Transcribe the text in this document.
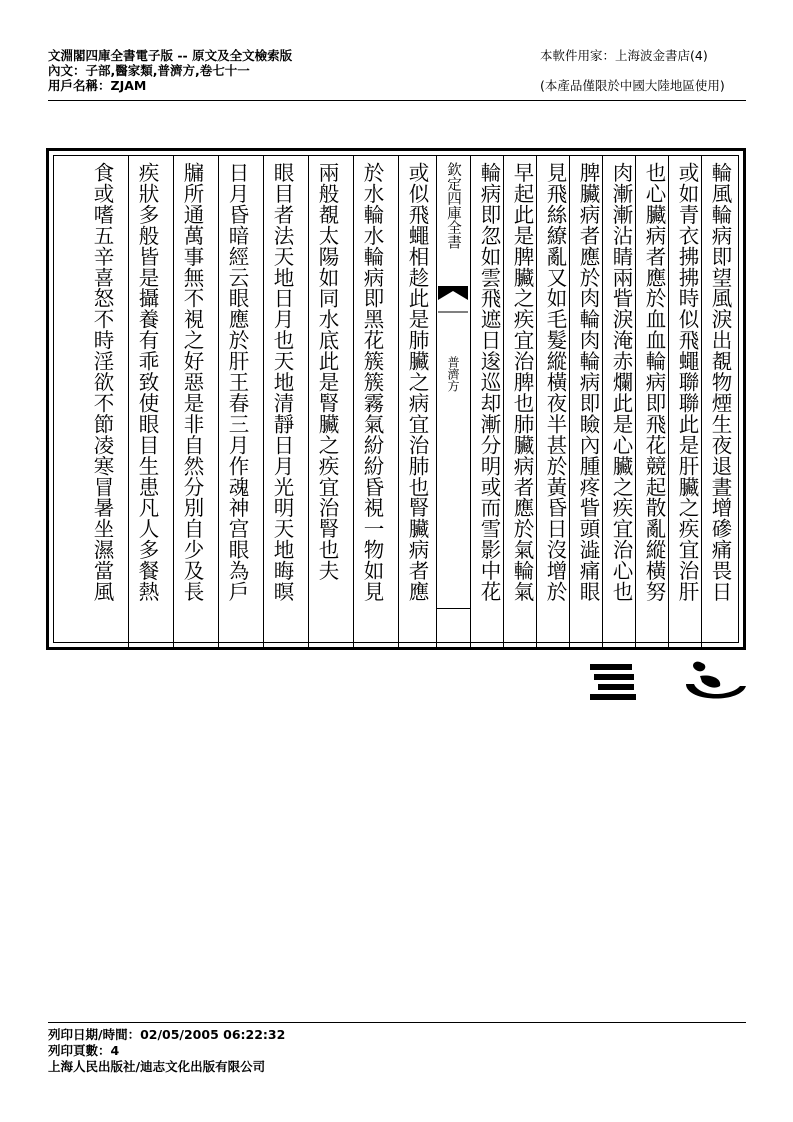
文淵閣四庫全書電子版 -- 原文及全文檢索版
內文：子部,醫家類,普濟方,卷七十一
用戶名稱：ZJAM
本軟件用家：上海波金書店(4)
(本產品僅限於中國大陸地區使用)
輪風輪病即望風淚出覩物煙生夜退晝增磣痛畏日
或如青衣拂拂時似飛蠅聯聯此是肝臟之疾宜治肝
也心臟病者應於血血輪病即飛花競起散亂縱橫努
肉漸漸沾睛兩眥淚淹赤爛此是心臟之疾宜治心也
脾臟病者應於肉輪肉輪病即瞼內腫疼眥頭澁痛眼
見飛絲繚亂又如毛髮縱橫夜半甚於黃昏日沒增於
早起此是脾臟之疾宜治脾也肺臟病者應於氣輪氣
輪病即忽如雲飛遮日逡巡却漸分明或而雪影中花
欽定四庫全書
普濟方
或似飛蠅相趁此是肺臟之病宜治肺也腎臟病者應
於水輪水輪病即黑花簇簇霧氣紛紛昏視一物如見
兩般覩太陽如同水底此是腎臟之疾宜治腎也夫
眼目者法天地日月也天地清靜日月光明天地晦暝
日月昏暗經云眼應於肝王春三月作魂神宫眼為戶
牖所通萬事無不視之好惡是非自然分別自少及長
疾狀多般皆是攝養有乖致使眼目生患凡人多餐熱
食或嗜五辛喜怒不時淫欲不節凌寒冒暑坐濕當風
列印日期/時間：02/05/2005 06:22:32
列印頁數：4
上海人民出版社/迪志文化出版有限公司
